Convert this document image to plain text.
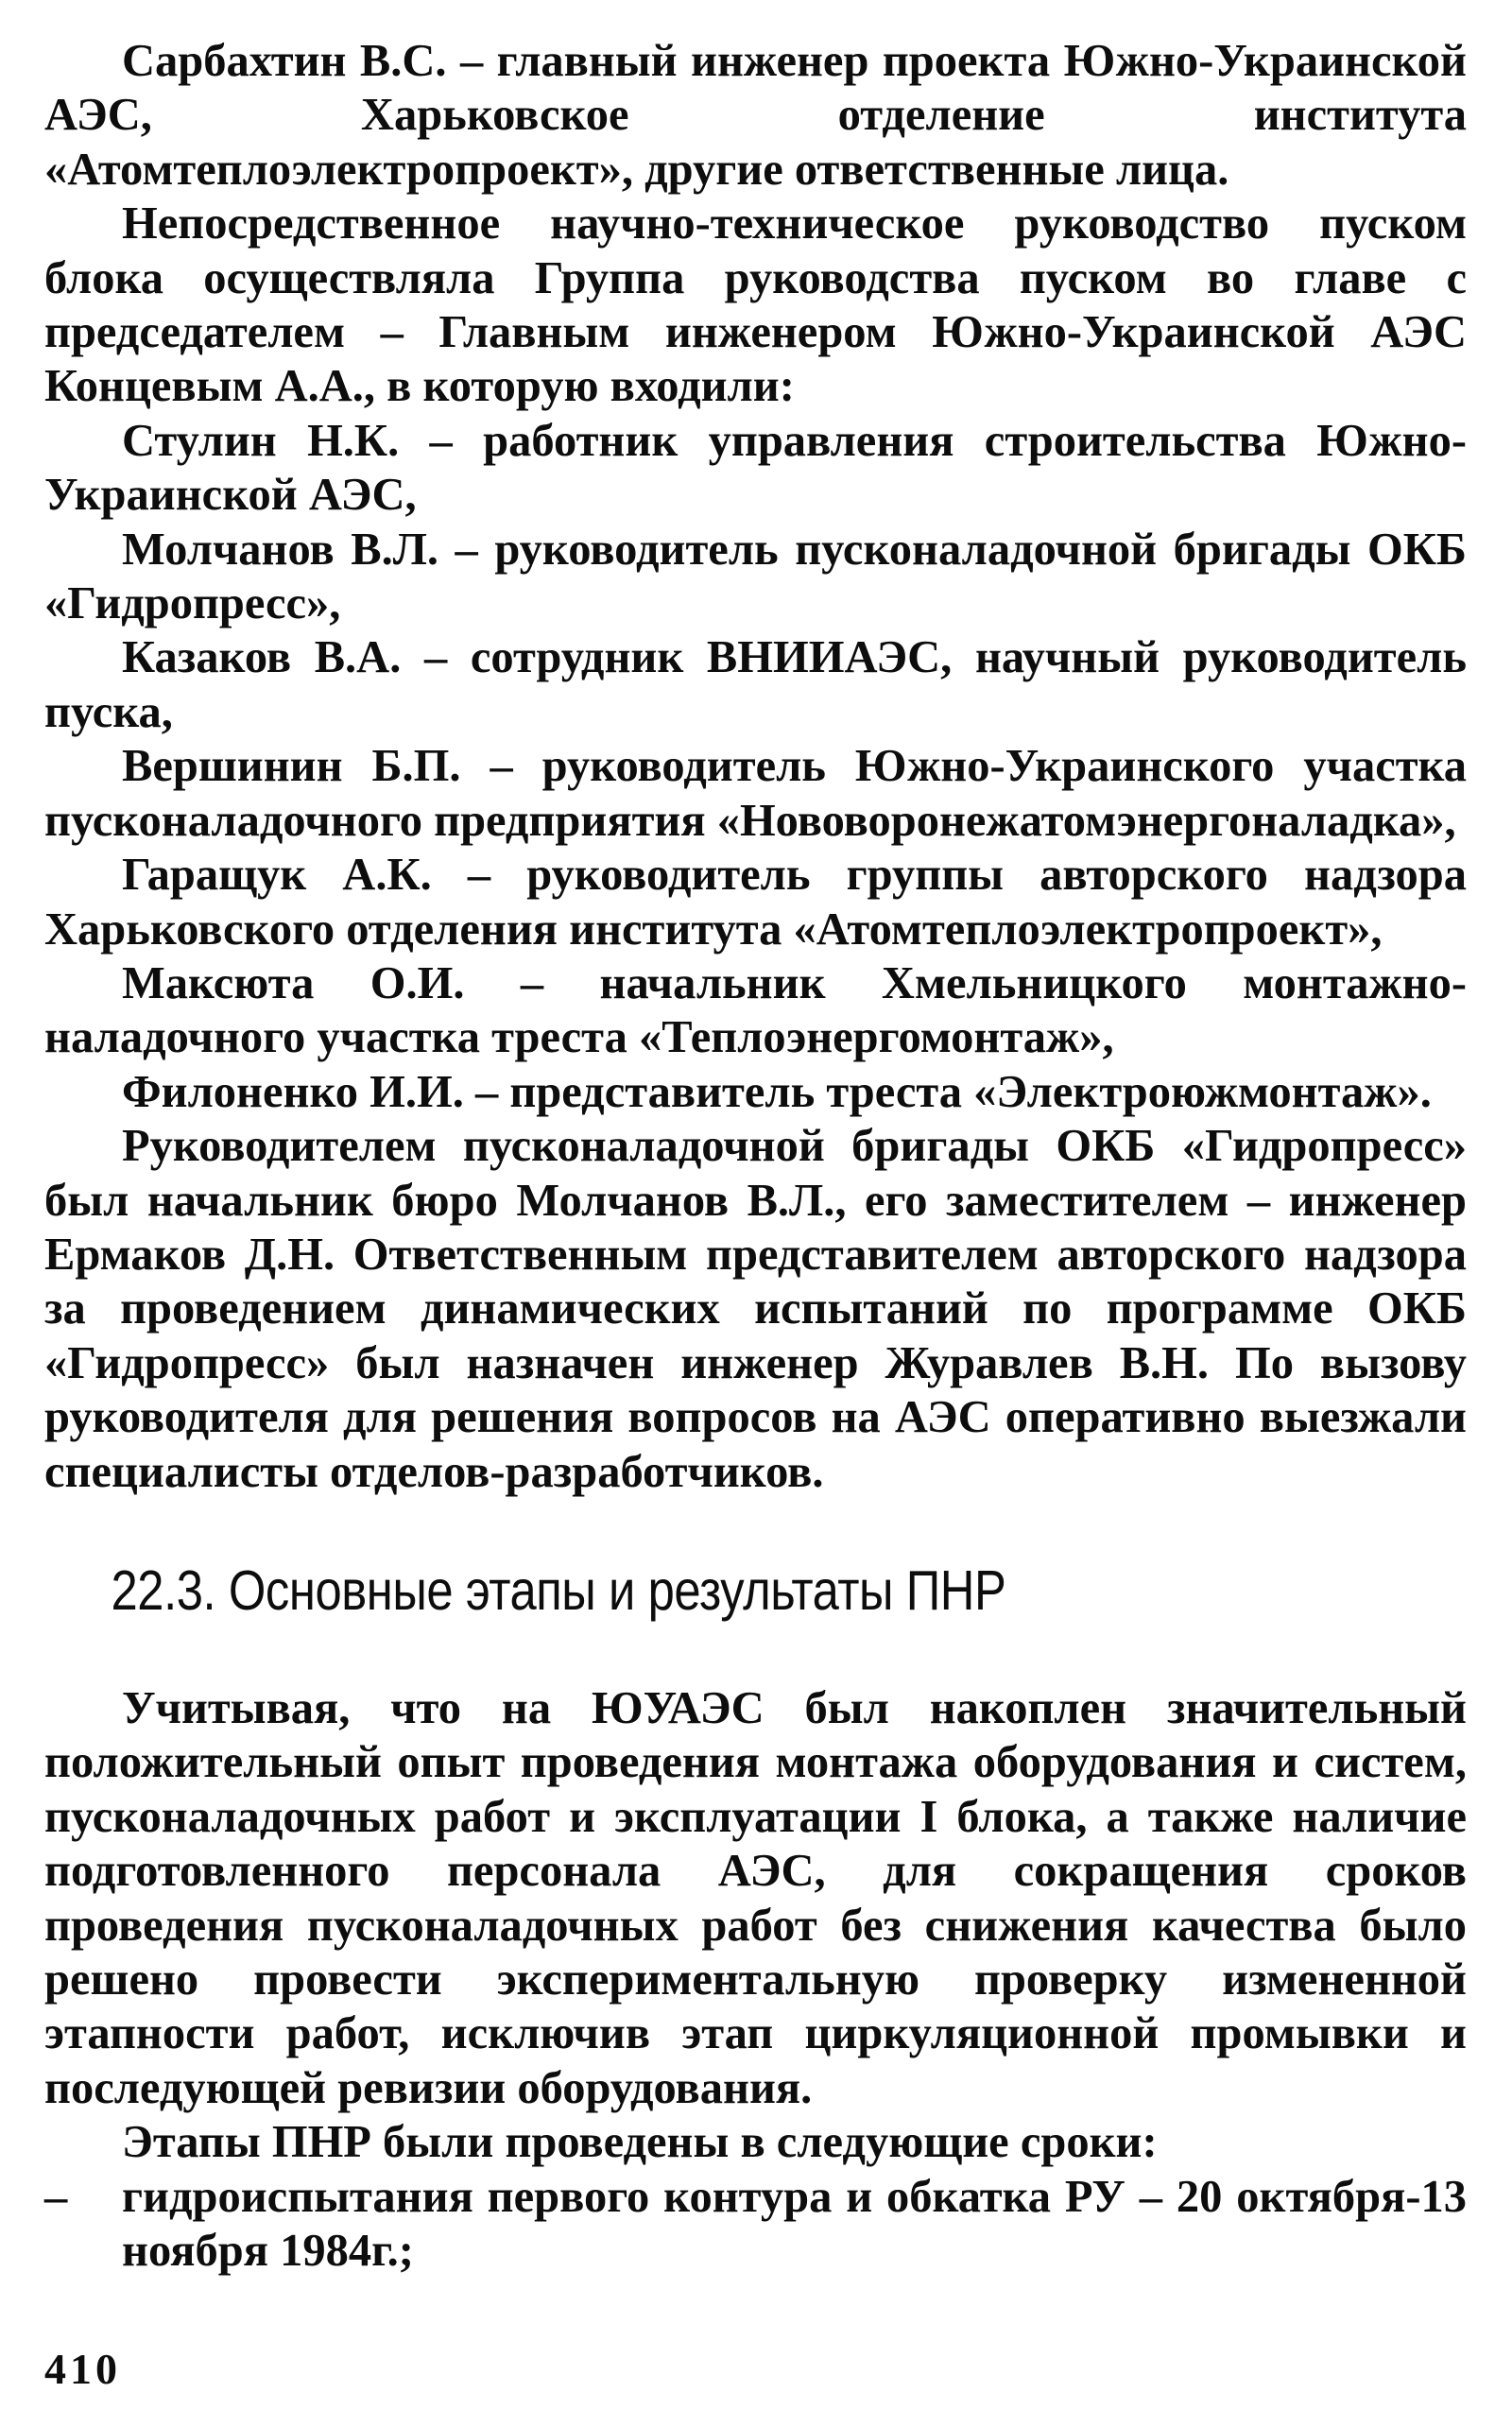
Сарбахтин В.С. – главный инженер проекта Южно-Украинской АЭС, Харьковское отделение института «Атомтеплоэлектропроект», другие ответственные лица.

Непосредственное научно-техническое руководство пуском блока осуществляла Группа руководства пуском во главе с председателем – Главным инженером Южно-Украинской АЭС Концевым А.А., в которую входили:

Стулин Н.К. – работник управления строительства Южно-Украинской АЭС,

Молчанов В.Л. – руководитель пусконаладочной бригады ОКБ «Гидропресс»,

Казаков В.А. – сотрудник ВНИИАЭС, научный руководитель пуска,

Вершинин Б.П. – руководитель Южно-Украинского участка пусконаладочного предприятия «Нововоронежатомэнергоналадка»,

Гаращук А.К. – руководитель группы авторского надзора Харьковского отделения института «Атомтеплоэлектропроект»,

Максюта О.И. – начальник Хмельницкого монтажно-наладочного участка треста «Теплоэнергомонтаж»,

Филоненко И.И. – представитель треста «Электроюжмонтаж».

Руководителем пусконаладочной бригады ОКБ «Гидропресс» был начальник бюро Молчанов В.Л., его заместителем – инженер Ермаков Д.Н. Ответственным представителем авторского надзора за проведением динамических испытаний по программе ОКБ «Гидропресс» был назначен инженер Журавлев В.Н. По вызову руководителя для решения вопросов на АЭС оперативно выезжали специалисты отделов-разработчиков.

22.3. Основные этапы и результаты ПНР

Учитывая, что на ЮУАЭС был накоплен значительный положительный опыт проведения монтажа оборудования и систем, пусконаладочных работ и эксплуатации I блока, а также наличие подготовленного персонала АЭС, для сокращения сроков проведения пусконаладочных работ без снижения качества было решено провести экспериментальную проверку измененной этапности работ, исключив этап циркуляционной промывки и последующей ревизии оборудования.

Этапы ПНР были проведены в следующие сроки:

–	гидроиспытания первого контура и обкатка РУ – 20 октября-13 ноября 1984г.;
410
